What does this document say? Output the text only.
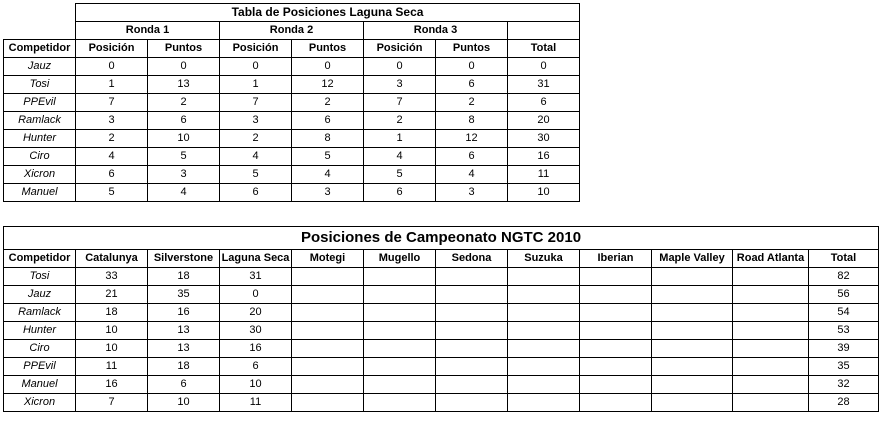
	Tabla de Posiciones Laguna Seca						
	Ronda 1		Ronda 2		Ronda 3		
Competidor	Posición	Puntos	Posición	Puntos	Posición	Puntos	Total
Jauz	0	0	0	0	0	0	0
Tosi	1	13	1	12	3	6	31
PPEvil	7	2	7	2	7	2	6
Ramlack	3	6	3	6	2	8	20
Hunter	2	10	2	8	1	12	30
Ciro	4	5	4	5	4	6	16
Xicron	6	3	5	4	5	4	11
Manuel	5	4	6	3	6	3	10
Posiciones de Campeonato NGTC 2010											
Competidor	Catalunya	Silverstone	Laguna Seca	Motegi	Mugello	Sedona	Suzuka	Iberian	Maple Valley	Road Atlanta	Total
Tosi	33	18	31								82
Jauz	21	35	0								56
Ramlack	18	16	20								54
Hunter	10	13	30								53
Ciro	10	13	16								39
PPEvil	11	18	6								35
Manuel	16	6	10								32
Xicron	7	10	11								28
